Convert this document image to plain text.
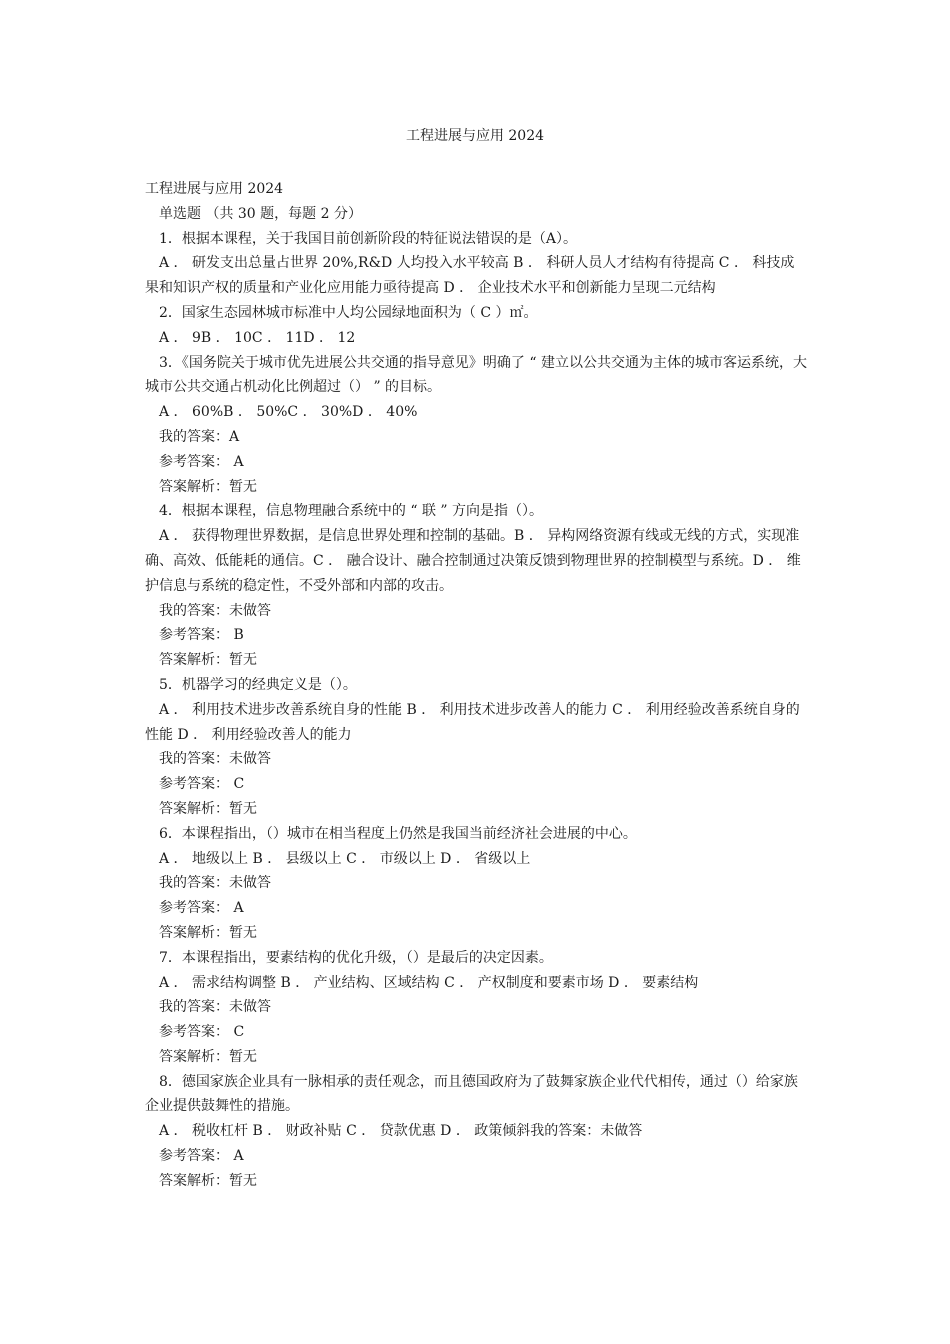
工程进展与应用 2024
工程进展与应用 2024
单选题 （共 30 题，每题 2 分）
1．根据本课程，关于我国目前创新阶段的特征说法错误的是（A）。
A ． 研发支出总量占世界 20%,R&D 人均投入水平较高 B ． 科研人员人才结构有待提高 C ． 科技成果和知识产权的质量和产业化应用能力亟待提高 D ． 企业技术水平和创新能力呈现二元结构
2．国家生态园林城市标准中人均公园绿地面积为（ C ）㎡。
A ． 9B ． 10C ． 11D ． 12
3．《国务院关于城市优先进展公共交通的指导意见》明确了 “ 建立以公共交通为主体的城市客运系统，大城市公共交通占机动化比例超过（） ” 的目标。
A ． 60%B ． 50%C ． 30%D ． 40%
我的答案：A
参考答案： A
答案解析：暂无
4．根据本课程，信息物理融合系统中的 “ 联 ” 方向是指（）。
A ． 获得物理世界数据，是信息世界处理和控制的基础。B ． 异构网络资源有线或无线的方式，实现准确、高效、低能耗的通信。C ． 融合设计、融合控制通过决策反馈到物理世界的控制模型与系统。D ． 维护信息与系统的稳定性，不受外部和内部的攻击。
我的答案：未做答
参考答案： B
答案解析：暂无
5．机器学习的经典定义是（）。
A ． 利用技术进步改善系统自身的性能 B ． 利用技术进步改善人的能力 C ． 利用经验改善系统自身的性能 D ． 利用经验改善人的能力
我的答案：未做答
参考答案： C
答案解析：暂无
6．本课程指出，（）城市在相当程度上仍然是我国当前经济社会进展的中心。
A ． 地级以上 B ． 县级以上 C ． 市级以上 D ． 省级以上
我的答案：未做答
参考答案： A
答案解析：暂无
7．本课程指出，要素结构的优化升级，（）是最后的决定因素。
A ． 需求结构调整 B ． 产业结构、区域结构 C ． 产权制度和要素市场 D ． 要素结构
我的答案：未做答
参考答案： C
答案解析：暂无
8．德国家族企业具有一脉相承的责任观念，而且德国政府为了鼓舞家族企业代代相传，通过（）给家族企业提供鼓舞性的措施。
A ． 税收杠杆 B ． 财政补贴 C ． 贷款优惠 D ． 政策倾斜我的答案：未做答
参考答案： A
答案解析：暂无
